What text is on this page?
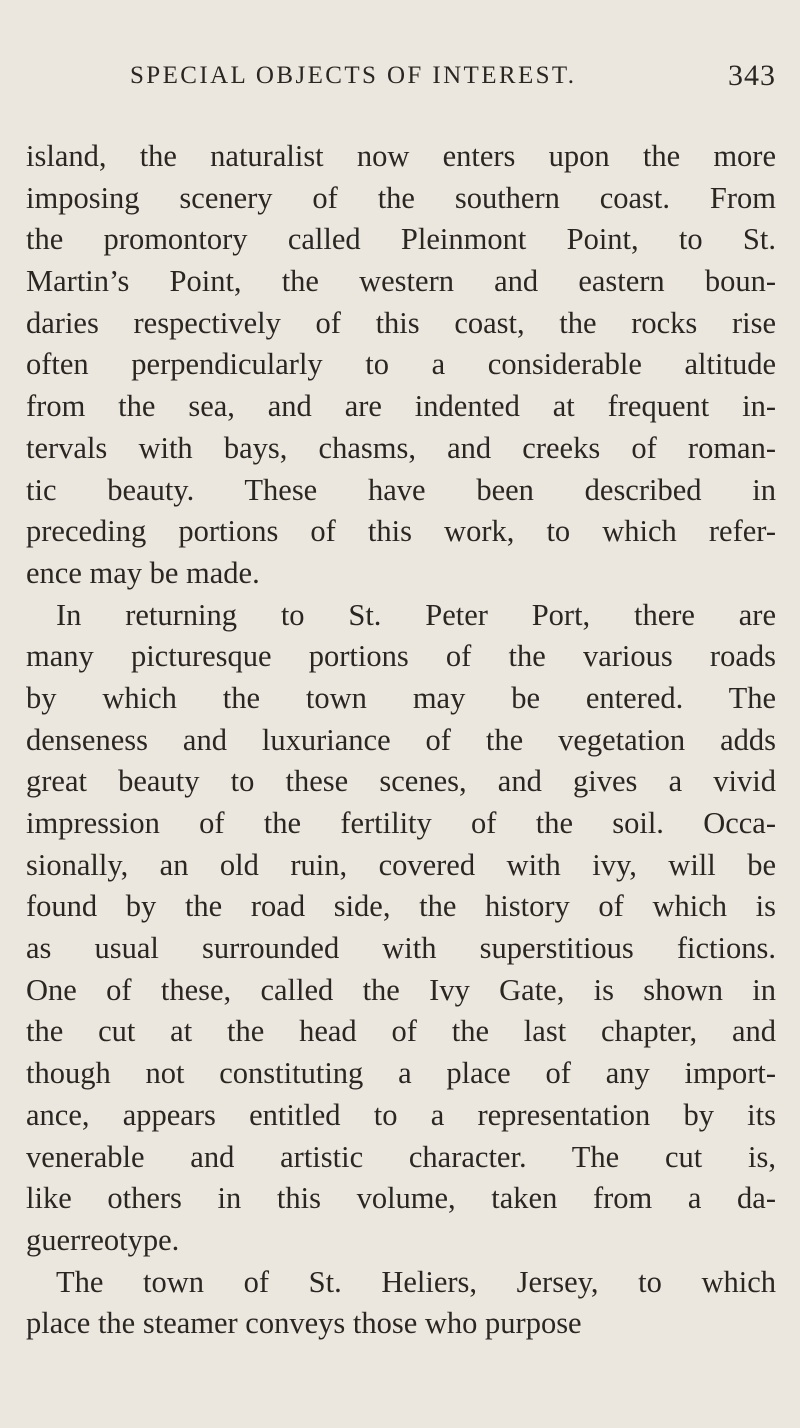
SPECIAL OBJECTS OF INTEREST.	343
island, the naturalist now enters upon the more
imposing scenery of the southern coast. From
the promontory called Pleinmont Point, to St.
Martin’s Point, the western and eastern boun-
daries respectively of this coast, the rocks rise
often perpendicularly to a considerable altitude
from the sea, and are indented at frequent in-
tervals with bays, chasms, and creeks of roman-
tic beauty. These have been described in
preceding portions of this work, to which refer-
ence may be made.
In returning to St. Peter Port, there are
many picturesque portions of the various roads
by which the town may be entered. The
denseness and luxuriance of the vegetation adds
great beauty to these scenes, and gives a vivid
impression of the fertility of the soil. Occa-
sionally, an old ruin, covered with ivy, will be
found by the road side, the history of which is
as usual surrounded with superstitious fictions.
One of these, called the Ivy Gate, is shown in
the cut at the head of the last chapter, and
though not constituting a place of any import-
ance, appears entitled to a representation by its
venerable and artistic character. The cut is,
like others in this volume, taken from a da-
guerreotype.
The town of St. Heliers, Jersey, to which
place the steamer conveys those who purpose
